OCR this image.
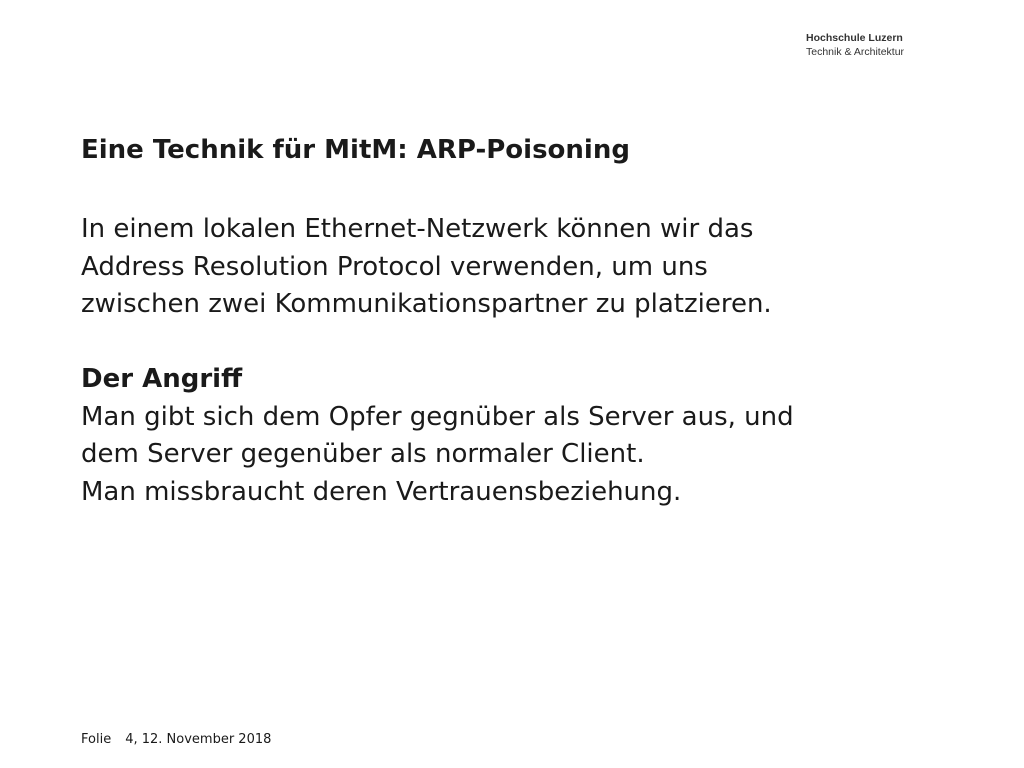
Hochschule Luzern
Technik & Architektur
Eine Technik für MitM: ARP-Poisoning
In einem lokalen Ethernet-Netzwerk können wir das
Address Resolution Protocol verwenden, um uns
zwischen zwei Kommunikationspartner zu platzieren.
Der Angriff
Man gibt sich dem Opfer gegnüber als Server aus, und
dem Server gegenüber als normaler Client.
Man missbraucht deren Vertrauensbeziehung.
Folie 4, 12. November 2018
